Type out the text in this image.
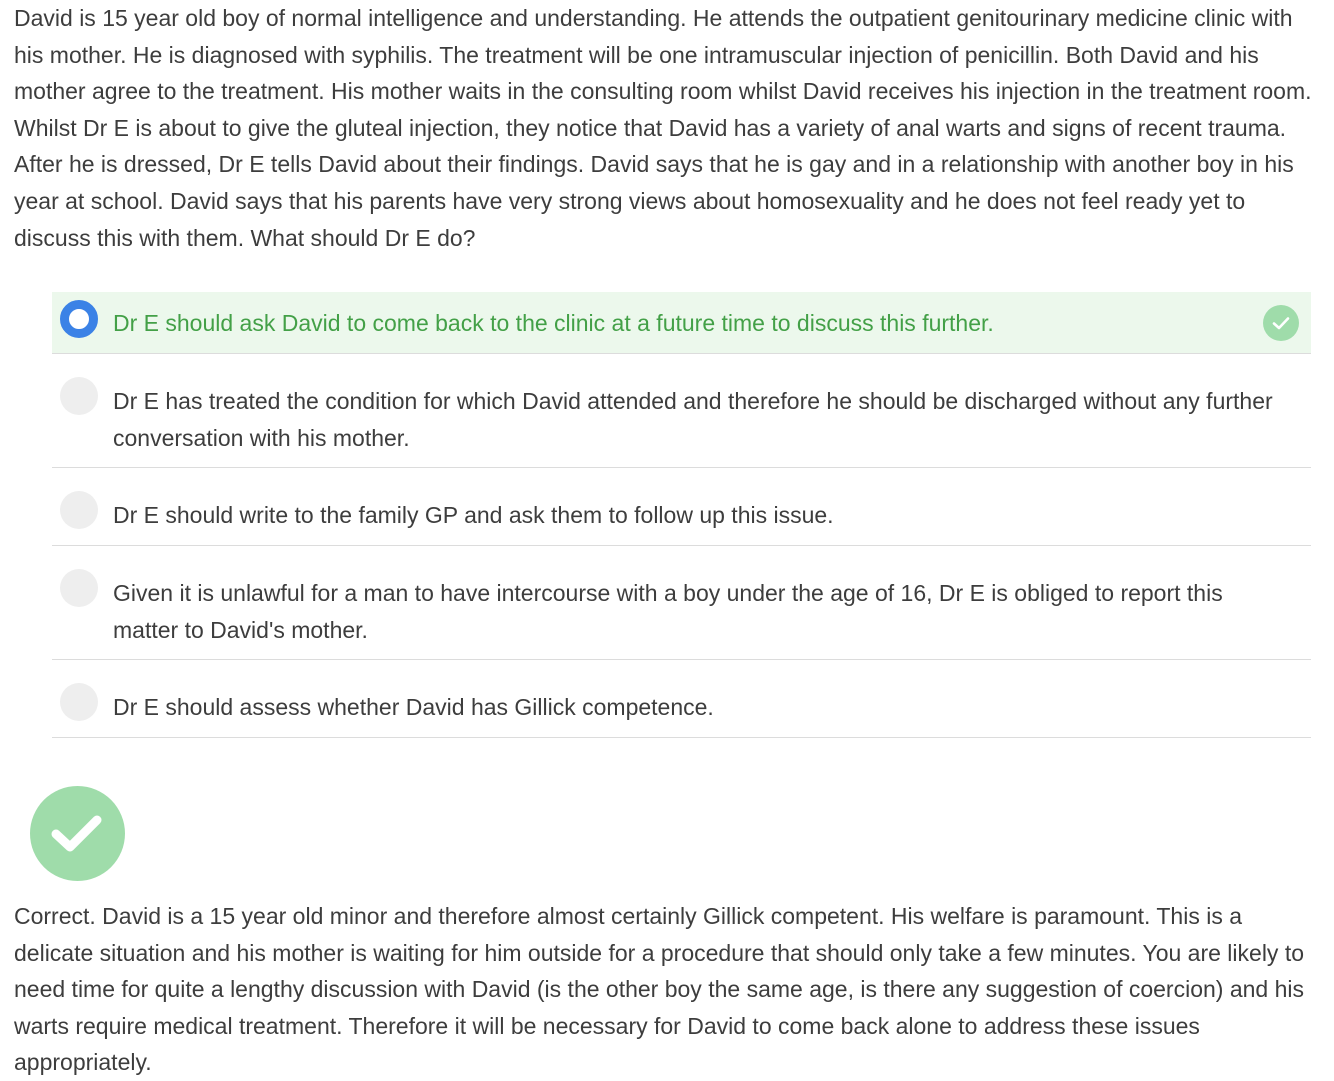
David is 15 year old boy of normal intelligence and understanding. He attends the outpatient genitourinary medicine clinic with his mother. He is diagnosed with syphilis. The treatment will be one intramuscular injection of penicillin. Both David and his mother agree to the treatment. His mother waits in the consulting room whilst David receives his injection in the treatment room. Whilst Dr E is about to give the gluteal injection, they notice that David has a variety of anal warts and signs of recent trauma. After he is dressed, Dr E tells David about their findings. David says that he is gay and in a relationship with another boy in his year at school. David says that his parents have very strong views about homosexuality and he does not feel ready yet to discuss this with them. What should Dr E do?

Dr E should ask David to come back to the clinic at a future time to discuss this further.
Dr E has treated the condition for which David attended and therefore he should be discharged without any further conversation with his mother.
Dr E should write to the family GP and ask them to follow up this issue.
Given it is unlawful for a man to have intercourse with a boy under the age of 16, Dr E is obliged to report this matter to David's mother.
Dr E should assess whether David has Gillick competence.

Correct. David is a 15 year old minor and therefore almost certainly Gillick competent. His welfare is paramount. This is a delicate situation and his mother is waiting for him outside for a procedure that should only take a few minutes. You are likely to need time for quite a lengthy discussion with David (is the other boy the same age, is there any suggestion of coercion) and his warts require medical treatment. Therefore it will be necessary for David to come back alone to address these issues appropriately.
